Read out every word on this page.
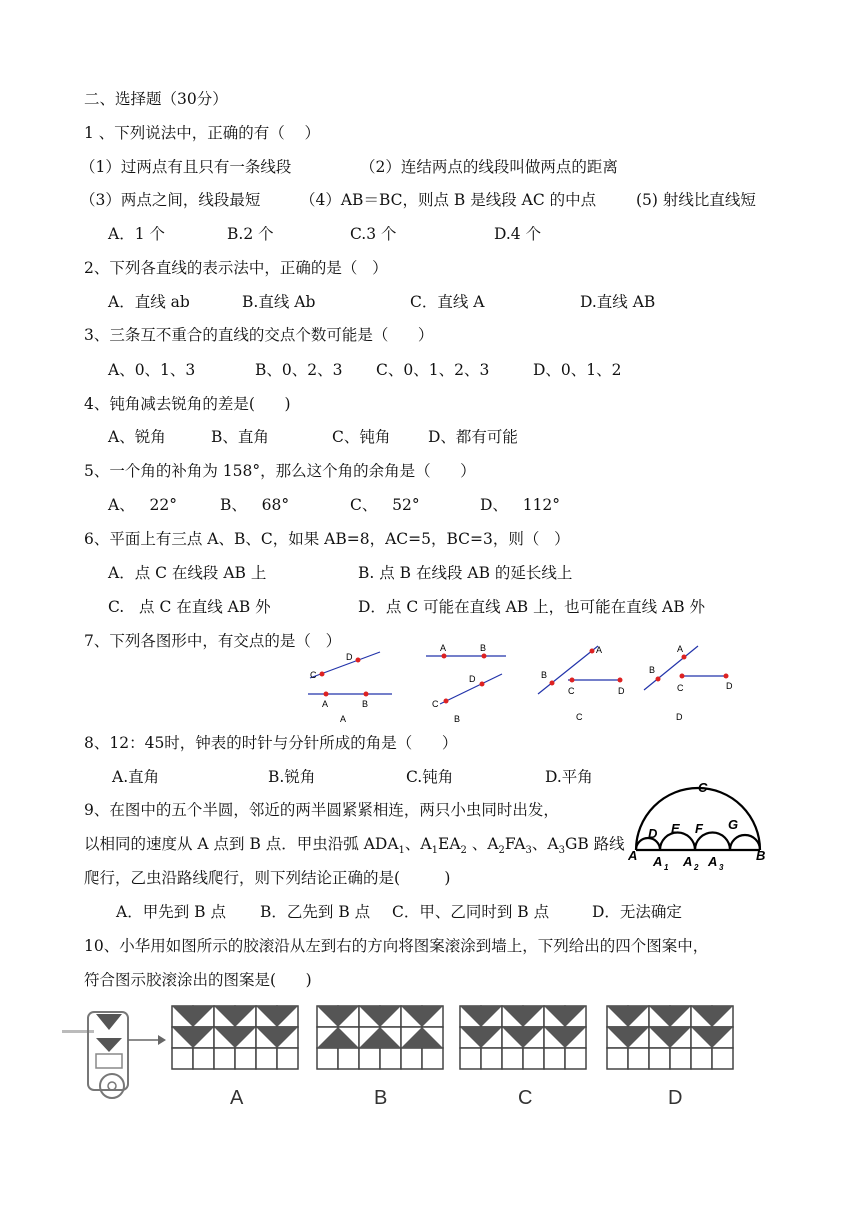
二、选择题（30分）
1 、下列说法中，正确的有（    ）
（1）过两点有且只有一条线段	（2）连结两点的线段叫做两点的距离
（3）两点之间，线段最短	（4）AB＝BC，则点 B 是线段 AC 的中点	(5) 射线比直线短
A．1 个	B.2 个	C.3 个	D.4 个
2、下列各直线的表示法中，正确的是（   ）
A．直线 ab	B.直线 Ab	C．直线 A	D.直线 AB
3、三条互不重合的直线的交点个数可能是（      ）
A、0、1、3	B、0、2、3 C、0、1、2、3	D、0、1、2
4、钝角减去锐角的差是(      )
A、锐角	B、直角	C、钝角 D、都有可能
5、一个角的补角为 158°，那么这个角的余角是（      ）
A、   22°	B、   68°	C、   52°	D、   112°
6、平面上有三点 A、B、C，如果 AB=8，AC=5，BC=3，则（   ）
A．点 C 在线段 AB 上	B. 点 B 在线段 AB 的延长线上
C.   点 C 在直线 AB 外	D．点 C 可能在直线 AB 上，也可能在直线 AB 外
7、下列各图形中，有交点的是（   ）
C
D
A	B
A
A	B
C
D
B
B
A
C	D
C
B
A
C	D
D
8、12：45时，钟表的时针与分针所成的角是（      ）
A.直角	B.锐角	C.钝角	D.平角
9、在图中的五个半圆，邻近的两半圆紧紧相连，两只小虫同时出发，
以相同的速度从 A 点到 B 点．甲虫沿弧 $ADA_1$、$A_1EA_2$ 、$A_2FA_3$、$A_3GB$ 路线
爬行，乙虫沿路线爬行，则下列结论正确的是(         )
A．甲先到 B 点 B．乙先到 B 点 C．甲、乙同时到 B 点	D．无法确定
C
D E F G
A	B
A 1 A 2 A 3
10、小华用如图所示的胶滚沿从左到右的方向将图案滚涂到墙上，下列给出的四个图案中，
符合图示胶滚涂出的图案是(      )
A	B	C	D
